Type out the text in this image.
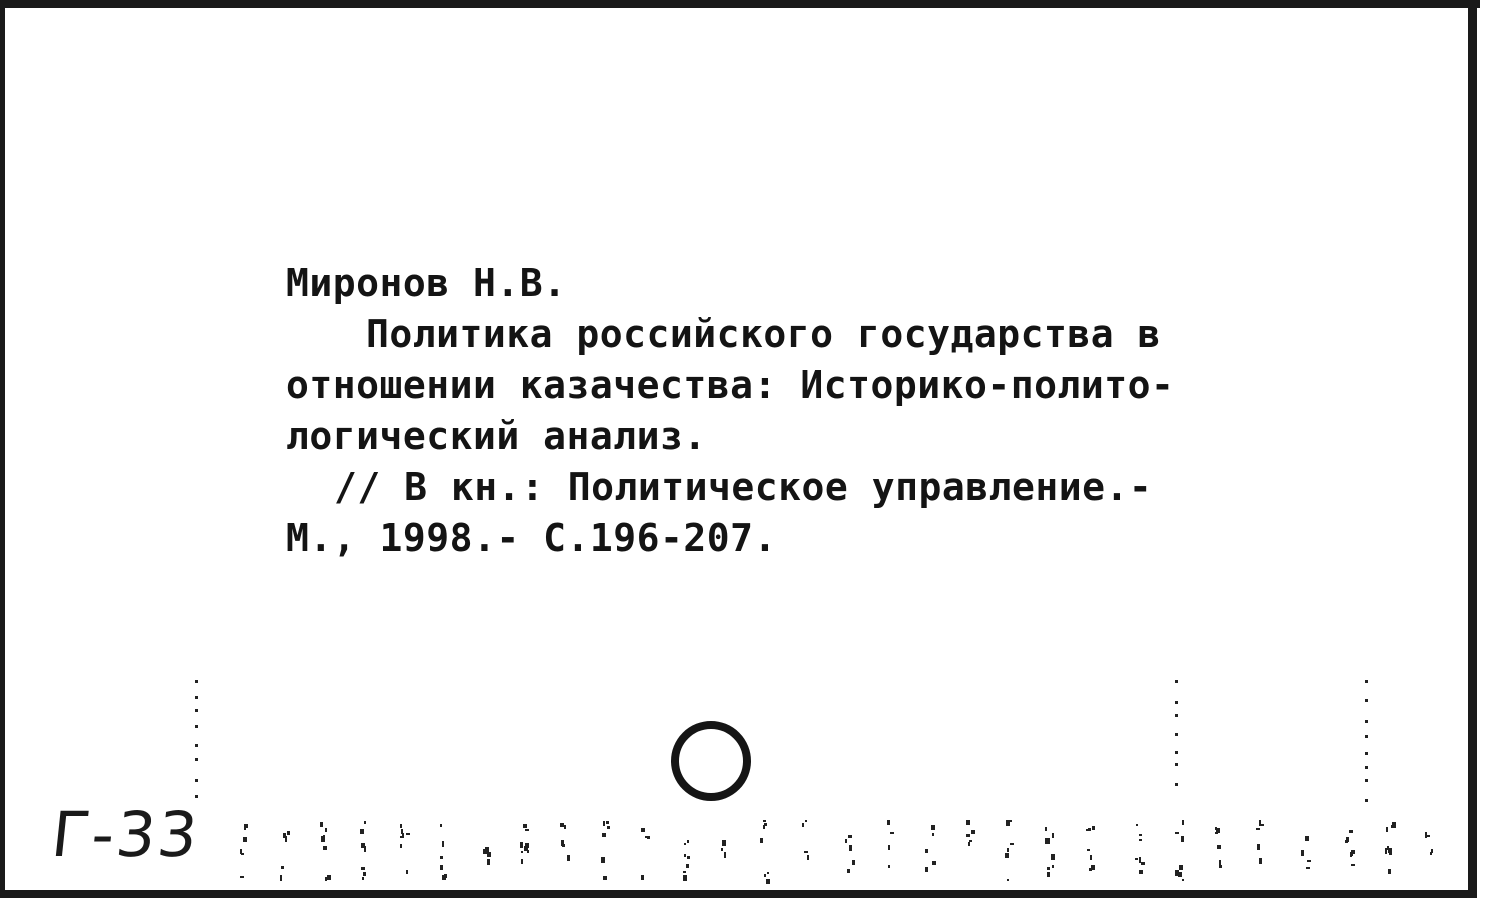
Миронов Н.В.
Политика российского государства в
отношении казачества: Историко-полито-
логический анализ.
// В кн.: Политическое управление.-
М., 1998.- С.196-207.
Г-33
